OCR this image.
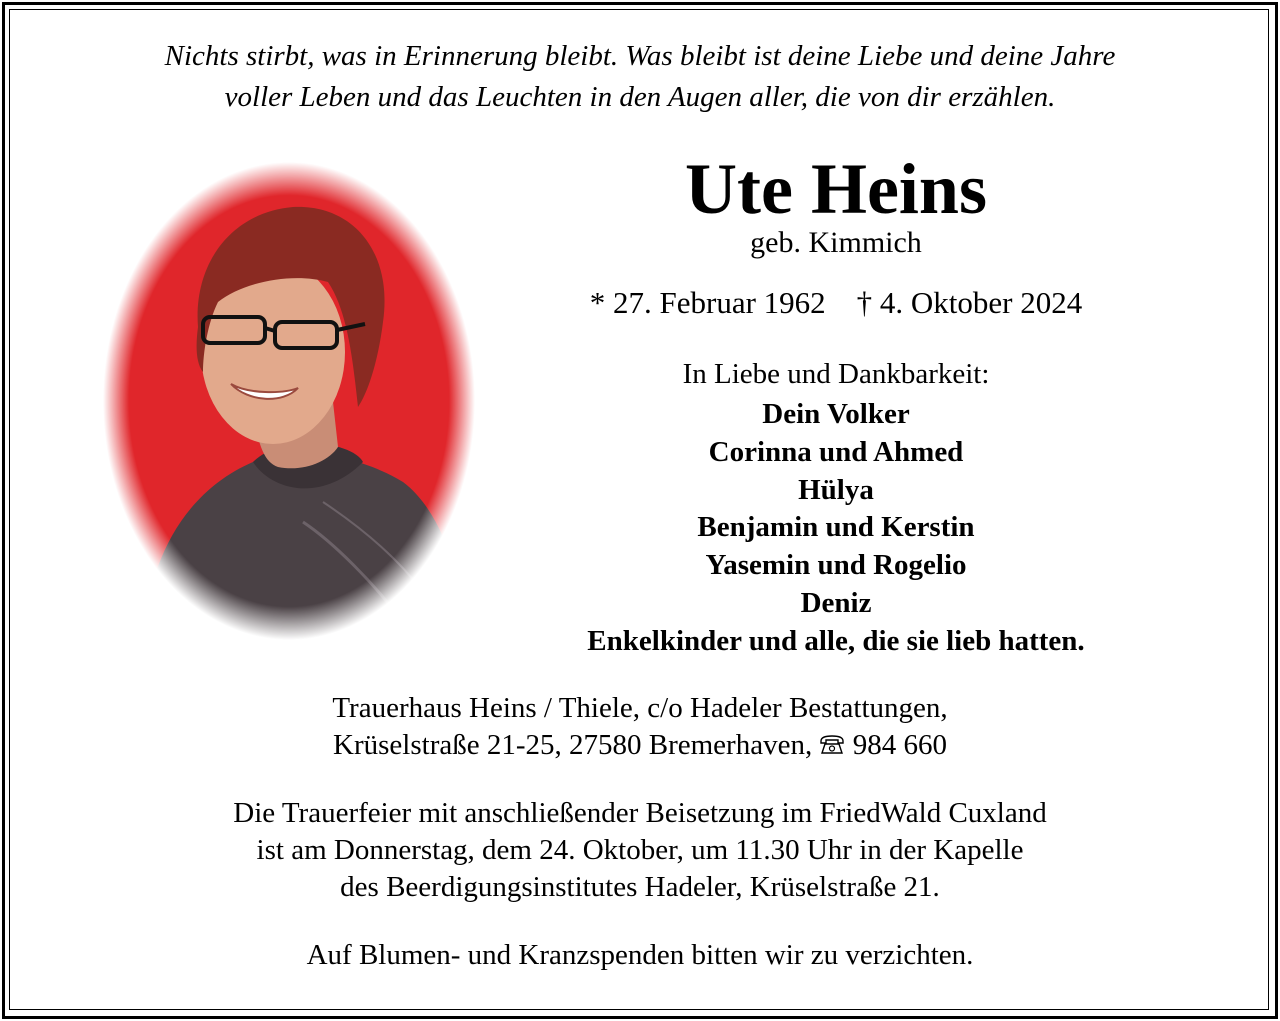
Nichts stirbt, was in Erinnerung bleibt. Was bleibt ist deine Liebe und deine Jahre
voller Leben und das Leuchten in den Augen aller, die von dir erzählen.
Ute Heins
geb. Kimmich
* 27. Februar 1962 † 4. Oktober 2024
In Liebe und Dankbarkeit:
Dein Volker
Corinna und Ahmed
Hülya
Benjamin und Kerstin
Yasemin und Rogelio
Deniz
Enkelkinder und alle, die sie lieb hatten.
Trauerhaus Heins / Thiele, c/o Hadeler Bestattungen,
Krüselstraße 21-25, 27580 Bremerhaven, 984 660
Die Trauerfeier mit anschließender Beisetzung im FriedWald Cuxland
ist am Donnerstag, dem 24. Oktober, um 11.30 Uhr in der Kapelle
des Beerdigungsinstitutes Hadeler, Krüselstraße 21.
Auf Blumen- und Kranzspenden bitten wir zu verzichten.
